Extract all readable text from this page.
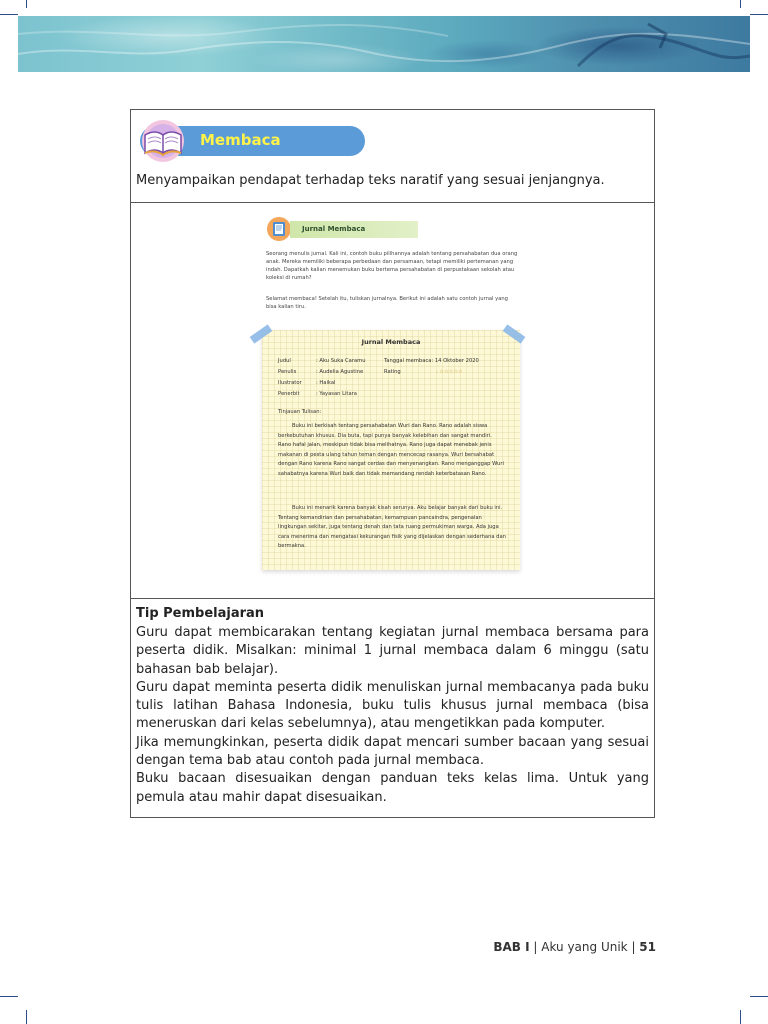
Membaca
Menyampaikan pendapat terhadap teks naratif yang sesuai jenjangnya.
Jurnal Membaca
Seorang menulis jurnal. Kali ini, contoh buku pilihannya adalah tentang persahabatan dua orang anak. Mereka memiliki beberapa perbedaan dan persamaan, tetapi memiliki pertemanan yang indah. Dapatkah kalian menemukan buku bertema persahabatan di perpustakaan sekolah atau koleksi di rumah?
Selamat membaca! Setelah itu, tuliskan jurnalnya. Berikut ini adalah satu contoh jurnal yang bisa kalian tiru.
Jurnal Membaca
Judul	: Aku Suka Caramu	Tanggal membaca: 14 Oktober 2020
Penulis	: Audelia Agustine	Rating	: ☆☆☆☆☆
Ilustrator	: Haikal
Penerbit	: Yayasan Litara
Tinjauan Tulisan:
Buku ini berkisah tentang persahabatan Wuri dan Rano. Rano adalah siswa berkebutuhan khusus. Dia buta, tapi punya banyak kelebihan dan sangat mandiri. Rano hafal jalan, meskipun tidak bisa melihatnya. Rano juga dapat menebak jenis makanan di pesta ulang tahun teman dengan mencecap rasanya. Wuri bersahabat dengan Rano karena Rano sangat cerdas dan menyenangkan. Rano menganggap Wuri sahabatnya karena Wuri baik dan tidak memandang rendah keterbatasan Rano.
Buku ini menarik karena banyak kisah serunya. Aku belajar banyak dari buku ini. Tentang kemandirian dan persahabatan, kemampuan pancaindra, pengenalan lingkungan sekitar, juga tentang denah dan tata ruang permukiman warga. Ada juga cara menerima dan mengatasi kekurangan fisik yang dijelaskan dengan sederhana dan bermakna.
Tip Pembelajaran

Guru dapat membicarakan tentang kegiatan jurnal membaca bersama para peserta didik. Misalkan: minimal 1 jurnal membaca dalam 6 minggu (satu bahasan bab belajar).

Guru dapat meminta peserta didik menuliskan jurnal membacanya pada buku tulis latihan Bahasa Indonesia, buku tulis khusus jurnal membaca (bisa meneruskan dari kelas sebelumnya), atau mengetikkan pada komputer.

Jika memungkinkan, peserta didik dapat mencari sumber bacaan yang sesuai dengan tema bab atau contoh pada jurnal membaca.

Buku bacaan disesuaikan dengan panduan teks kelas lima. Untuk yang pemula atau mahir dapat disesuaikan.

BAB I | Aku yang Unik | 51
